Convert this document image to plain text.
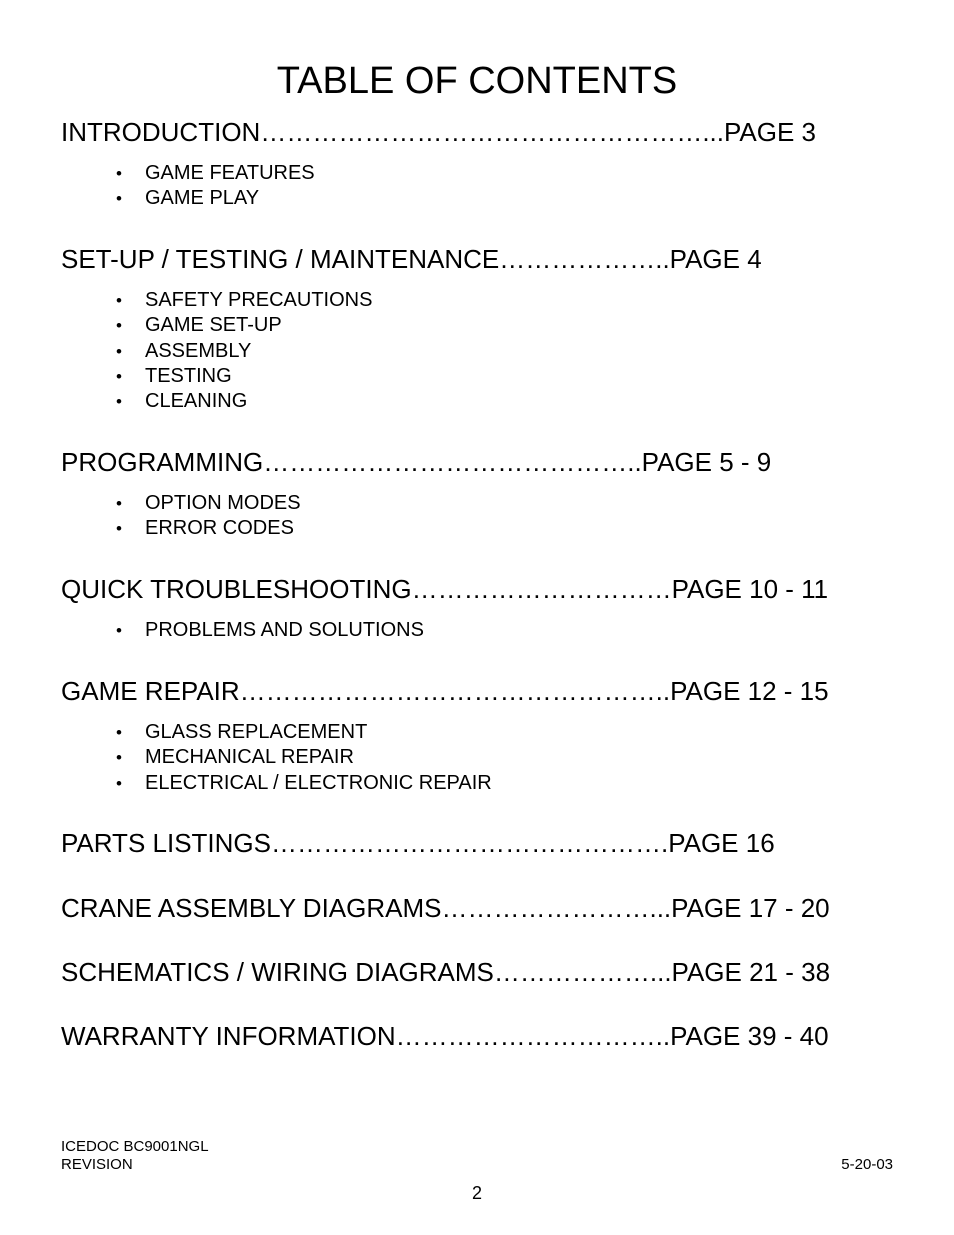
TABLE OF CONTENTS
INTRODUCTION……………………………………………...PAGE 3
• GAME FEATURES
• GAME PLAY
SET-UP / TESTING / MAINTENANCE………………..PAGE 4
• SAFETY PRECAUTIONS
• GAME SET-UP
• ASSEMBLY
• TESTING
• CLEANING
PROGRAMMING……………………………………..PAGE 5 - 9
• OPTION MODES
• ERROR CODES
QUICK TROUBLESHOOTING…………………………PAGE 10 - 11
• PROBLEMS AND SOLUTIONS
GAME REPAIR…………………………………………..PAGE 12 - 15
• GLASS REPLACEMENT
• MECHANICAL REPAIR
• ELECTRICAL / ELECTRONIC REPAIR
PARTS LISTINGS……………………………………….PAGE 16
CRANE ASSEMBLY DIAGRAMS……………………...PAGE 17 - 20
SCHEMATICS / WIRING DIAGRAMS………………...PAGE 21 - 38
WARRANTY INFORMATION…………………………..PAGE 39 - 40
ICEDOC BC9001NGL
REVISION	5-20-03
2
